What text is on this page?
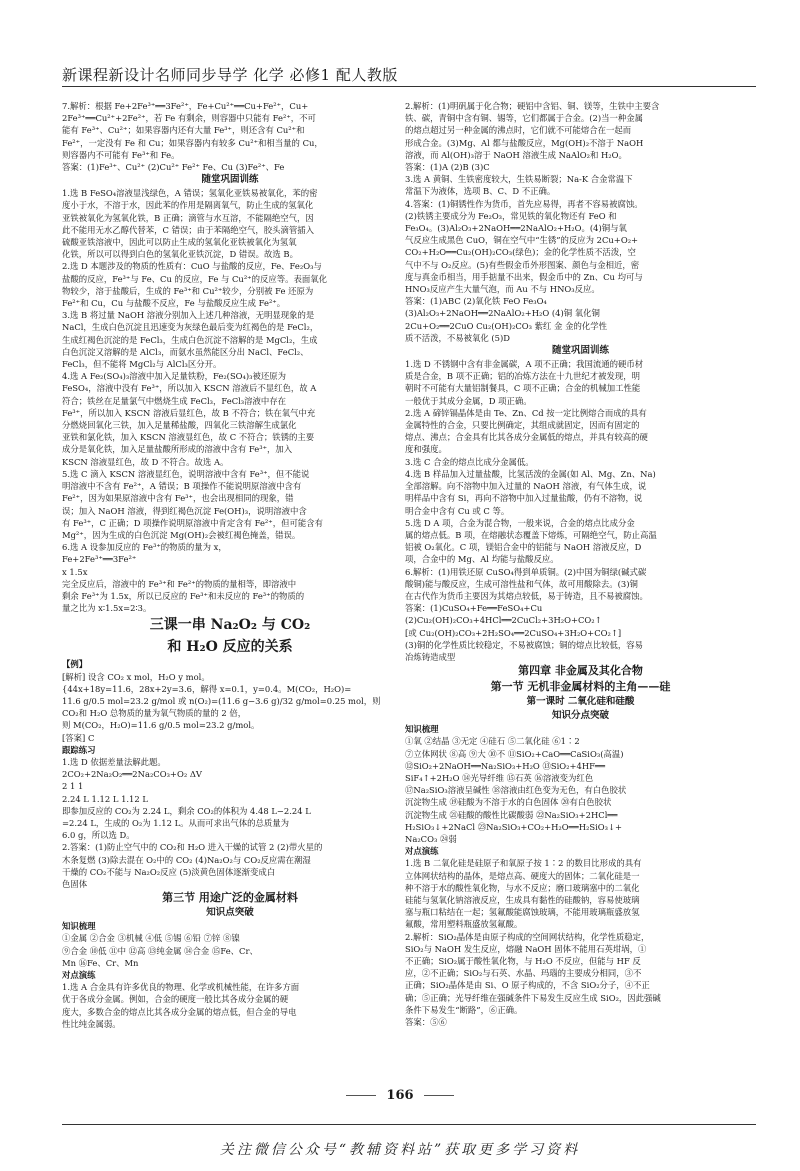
新课程新设计名师同步导学 化学 必修1 配人教版
7.解析：根据 Fe+2Fe³⁺══3Fe²⁺，Fe+Cu²⁺══Cu+Fe²⁺，Cu+
2Fe³⁺══Cu²⁺+2Fe²⁺，若 Fe 有剩余，则容器中只能有 Fe²⁺，不可
能有 Fe³⁺、Cu²⁺；如果容器内还有大量 Fe³⁺，则还含有 Cu²⁺和
Fe²⁺，一定没有 Fe 和 Cu；如果容器内有较多 Cu²⁺和相当量的 Cu，
则容器内不可能有 Fe³⁺和 Fe。
答案：(1)Fe³⁺、Cu²⁺ (2)Cu²⁺ Fe²⁺ Fe、Cu (3)Fe²⁺、Fe
随堂巩固训练
1.选 B FeSO₄溶液显浅绿色，A 错误；氢氧化亚铁易被氧化，苯的密
度小于水，不溶于水，因此苯的作用是隔离氧气，防止生成的氢氧化
亚铁被氧化为氢氧化铁，B 正确；滴管与水互溶，不能隔绝空气，因
此不能用无水乙醇代替苯，C 错误；由于苯隔绝空气，胶头滴管插入
硫酸亚铁溶液中，因此可以防止生成的氢氧化亚铁被氧化为氢氧
化铁，所以可以得到白色的氢氧化亚铁沉淀，D 错误。故选 B。
2.选 D 本题涉及的物质的性质有：CuO 与盐酸的反应，Fe、Fe₂O₃与
盐酸的反应，Fe³⁺与 Fe、Cu 的反应，Fe 与 Cu²⁺的反应等。表面氧化
物较少，溶于盐酸后，生成的 Fe³⁺和 Cu²⁺较少，分别被 Fe 还原为
Fe²⁺和 Cu，Cu 与盐酸不反应，Fe 与盐酸反应生成 Fe²⁺。
3.选 B 将过量 NaOH 溶液分别加入上述几种溶液，无明显现象的是
NaCl，生成白色沉淀且迅速变为灰绿色最后变为红褐色的是 FeCl₂，
生成红褐色沉淀的是 FeCl₃，生成白色沉淀不溶解的是 MgCl₂，生成
白色沉淀又溶解的是 AlCl₃，而氨水虽然能区分出 NaCl、FeCl₂、
FeCl₃，但不能将 MgCl₂与 AlCl₃区分开。
4.选 A Fe₂(SO₄)₃溶液中加入足量铁粉，Fe₂(SO₄)₃被还原为
FeSO₄，溶液中没有 Fe³⁺，所以加入 KSCN 溶液后不显红色，故 A
符合；铁丝在足量氯气中燃烧生成 FeCl₃，FeCl₃溶液中存在
Fe³⁺，所以加入 KSCN 溶液后显红色，故 B 不符合；铁在氧气中充
分燃烧回氧化三铁，加入足量稀盐酸，四氧化三铁溶解生成氯化
亚铁和氯化铁，加入 KSCN 溶液显红色，故 C 不符合；铁锈的主要
成分是氧化铁，加入足量盐酸所形成的溶液中含有 Fe³⁺，加入
KSCN 溶液显红色，故 D 不符合。故选 A。
5.选 C 滴入 KSCN 溶液显红色，说明溶液中含有 Fe³⁺，但不能说
明溶液中不含有 Fe²⁺，A 错误；B 项操作不能说明原溶液中含有
Fe²⁺，因为如果原溶液中含有 Fe³⁺，也会出现相同的现象，错
误；加入 NaOH 溶液，得到红褐色沉淀 Fe(OH)₃，说明溶液中含
有 Fe³⁺，C 正确；D 项操作说明原溶液中肯定含有 Fe²⁺，但可能含有
Mg²⁺，因为生成的白色沉淀 Mg(OH)₂会被红褐色掩盖，错误。
6.选 A 设参加反应的 Fe³⁺的物质的量为 x，
Fe+2Fe³⁺══3Fe²⁺
x 1.5x
完全反应后，溶液中的 Fe³⁺和 Fe²⁺的物质的量相等，即溶液中
剩余 Fe³⁺为 1.5x，所以已反应的 Fe³⁺和未反应的 Fe³⁺的物质的
量之比为 x∶1.5x=2∶3。
三课一串 Na₂O₂ 与 CO₂
和 H₂O 反应的关系
【例】
[解析] 设含 CO₂ x mol，H₂O y mol。
{44x+18y=11.6，28x+2y=3.6，解得 x=0.1，y=0.4。M(CO₂，H₂O)=
11.6 g/0.5 mol=23.2 g/mol 或 n(O₂)=(11.6 g−3.6 g)/32 g/mol=0.25 mol，则
CO₂和 H₂O 总物质的量为氧气物质的量的 2 倍，
则 M(CO₂，H₂O)=11.6 g/0.5 mol=23.2 g/mol。
[答案] C
跟踪练习
1.选 D 依据差量法解此题。
2CO₂+2Na₂O₂══2Na₂CO₃+O₂ ΔV
2 1 1
2.24 L 1.12 L 1.12 L
即参加反应的 CO₂为 2.24 L，剩余 CO₂的体积为 4.48 L−2.24 L
=2.24 L，生成的 O₂为 1.12 L。从而可求出气体的总质量为
6.0 g，所以选 D。
2.答案：(1)防止空气中的 CO₂和 H₂O 进入干燥的试管 2 (2)带火星的
木条复燃 (3)除去混在 O₂中的 CO₂ (4)Na₂O₂与 CO₂反应需在潮湿
干燥的 CO₂不能与 Na₂O₂反应 (5)淡黄色固体逐渐变成白
色固体
第三节 用途广泛的金属材料
知识点突破
知识梳理
①金属 ②合金 ③机械 ④低 ⑤锡 ⑥铅 ⑦锌 ⑧镍
⑨合金 ⑩低 ⑪中 ⑫高 ⑬纯金属 ⑭合金 ⑮Fe、Cr、
Mn ⑯Fe、Cr、Mn
对点演练
1.选 A 合金具有许多优良的物理、化学或机械性能，在许多方面
优于各成分金属。例如，合金的硬度一般比其各成分金属的硬
度大，多数合金的熔点比其各成分金属的熔点低，但合金的导电
性比纯金属弱。
2.解析：(1)明矾属于化合物；硬铝中含铝、铜、镁等，生铁中主要含
铁、碳，青铜中含有铜、锡等，它们都属于合金。(2)当一种金属
的熔点超过另一种金属的沸点时，它们就不可能熔合在一起而
形成合金。(3)Mg、Al 都与盐酸反应，Mg(OH)₂不溶于 NaOH
溶液，而 Al(OH)₃溶于 NaOH 溶液生成 NaAlO₂和 H₂O。
答案：(1)A (2)B (3)C
3.选 A 黄铜、生铁密度较大，生铁易断裂；Na-K 合金常温下
常温下为液体，选项 B、C、D 不正确。
4.答案：(1)铜锈性作为货币，首先应易得，再者不容易被腐蚀。
(2)铁锈主要成分为 Fe₂O₃，常见铁的氧化物还有 FeO 和
Fe₃O₄。(3)Al₂O₃+2NaOH══2NaAlO₂+H₂O。(4)铜与氧
气反应生成黑色 CuO，铜在空气中“生锈”的反应为 2Cu+O₂+
CO₂+H₂O══Cu₂(OH)₂CO₃(绿色)；金的化学性质不活泼，空
气中不与 O₂反应。(5)有些假金币外形图案、颜色与金相近，密
度与真金币相当，用手掂量不出来，假金币中的 Zn、Cu 均可与
HNO₃反应产生大量气泡，而 Au 不与 HNO₃反应。
答案：(1)ABC (2)氧化铁 FeO Fe₃O₄
(3)Al₂O₃+2NaOH══2NaAlO₂+H₂O (4)铜 氧化铜
2Cu+O₂══2CuO Cu₂(OH)₂CO₃ 紫红 金 金的化学性
质不活泼，不易被氧化 (5)D
随堂巩固训练
1.选 D 不锈钢中含有非金属碳，A 项不正确；我国流通的硬币材
质是合金，B 项不正确；铝的冶炼方法在十九世纪才被发现，明
朝时不可能有大量铝制餐具，C 项不正确；合金的机械加工性能
一般优于其成分金属，D 项正确。
2.选 A 碲锌镉晶体是由 Te、Zn、Cd 按一定比例熔合而成的具有
金属特性的合金，只要比例确定，其组成就固定，因而有固定的
熔点、沸点；合金具有比其各成分金属低的熔点，并具有较高的硬
度和强度。
3.选 C 合金的熔点比成分金属低。
4.选 B 样品加入过量盐酸，比氢活泼的金属(如 Al、Mg、Zn、Na)
全部溶解。向不溶物中加入过量的 NaOH 溶液，有气体生成，说
明样品中含有 Si，再向不溶物中加入过量盐酸，仍有不溶物，说
明合金中含有 Cu 或 C 等。
5.选 D A 项，合金为混合物，一般来说，合金的熔点比成分金
属的熔点低。B 项，在熔融状态覆盖下熔炼，可隔绝空气，防止高温
铝被 O₂氧化。C 项，镁铝合金中的铝能与 NaOH 溶液反应，D
项，合金中的 Mg、Al 均能与盐酸反应。
6.解析：(1)用铁还原 CuSO₄得到单质铜。(2)中国为铜绿(碱式碳
酸铜)能与酸反应，生成可溶性盐和气体，故可用酸除去。(3)铜
在古代作为货币主要因为其熔点较低，易于铸造，且不易被腐蚀。
答案：(1)CuSO₄+Fe══FeSO₄+Cu
(2)Cu₂(OH)₂CO₃+4HCl══2CuCl₂+3H₂O+CO₂↑
[或 Cu₂(OH)₂CO₃+2H₂SO₄══2CuSO₄+3H₂O+CO₂↑]
(3)铜的化学性质比较稳定，不易被腐蚀；铜的熔点比较低，容易
冶炼铸造成型
第四章 非金属及其化合物
第一节 无机非金属材料的主角——硅
第一课时 二氧化硅和硅酸
知识分点突破
知识梳理
①氧 ②结晶 ③无定 ④硅石 ⑤二氧化硅 ⑥1∶2
⑦立体网状 ⑧高 ⑨大 ⑩不 ⑪SiO₂+CaO══CaSiO₃(高温)
⑫SiO₂+2NaOH══Na₂SiO₃+H₂O ⑬SiO₂+4HF══
SiF₄↑+2H₂O ⑭光导纤维 ⑮石英 ⑯溶液变为红色
⑰Na₂SiO₃溶液呈碱性 ⑱溶液由红色变为无色，有白色胶状
沉淀物生成 ⑲硅酸为不溶于水的白色固体 ⑳有白色胶状
沉淀物生成 ㉑硅酸的酸性比碳酸弱 ㉒Na₂SiO₃+2HCl══
H₂SiO₃↓+2NaCl ㉓Na₂SiO₃+CO₂+H₂O══H₂SiO₃↓+
Na₂CO₃ ㉔弱
对点演练
1.选 B 二氧化硅是硅原子和氧原子按 1∶2 的数目比形成的具有
立体网状结构的晶体，是熔点高、硬度大的固体；二氧化硅是一
种不溶于水的酸性氧化物，与水不反应；磨口玻璃塞中的二氧化
硅能与氢氧化钠溶液反应，生成具有黏性的硅酸钠，容易使玻璃
塞与瓶口粘结在一起；氢氟酸能腐蚀玻璃，不能用玻璃瓶盛放氢
氟酸，常用塑料瓶盛放氢氟酸。
2.解析：SiO₂晶体是由原子构成的空间网状结构，化学性质稳定，
SiO₂与 NaOH 发生反应，熔融 NaOH 固体不能用石英坩埚，①
不正确；SiO₂属于酸性氧化物，与 H₂O 不反应，但能与 HF 反
应，②不正确；SiO₂与石英、水晶、玛瑙的主要成分相同，③不
正确；SiO₂晶体是由 Si、O 原子构成的，不含 SiO₂分子，④不正
确；⑤正确；光导纤维在强碱条件下易发生反应生成 SiO₂，因此强碱
条件下易发生“断路”，⑥正确。
答案：⑤⑥
166
关注微信公众号“教辅资料站”获取更多学习资料
